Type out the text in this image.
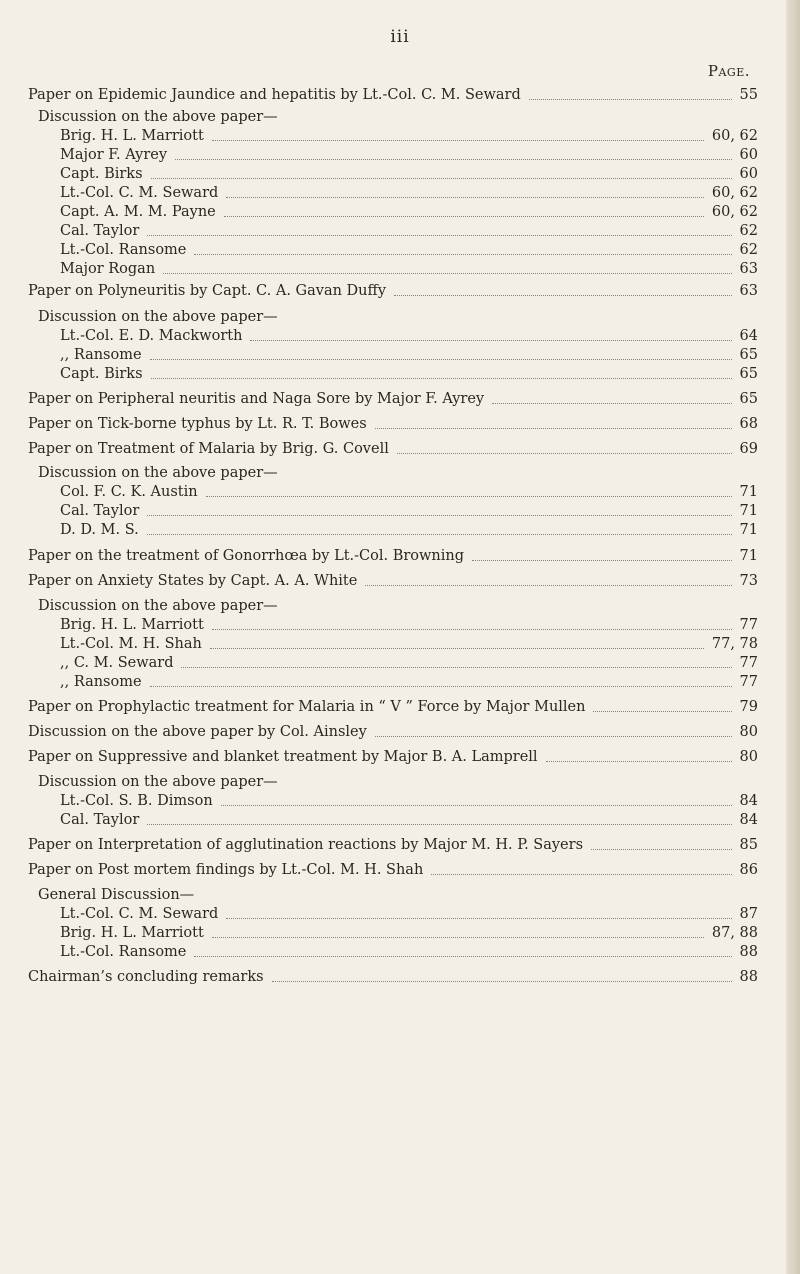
iii
Page.
Paper on Epidemic Jaundice and hepatitis by Lt.-Col. C. M. Seward	55
Discussion on the above paper—
Brig. H. L. Marriott	60, 62
Major F. Ayrey	60
Capt. Birks	60
Lt.-Col. C. M. Seward	60, 62
Capt. A. M. M. Payne	60, 62
Cal. Taylor	62
Lt.-Col. Ransome	62
Major Rogan	63
Paper on Polyneuritis by Capt. C. A. Gavan Duffy	63
Discussion on the above paper—
Lt.-Col. E. D. Mackworth	64
,, Ransome	65
Capt. Birks	65
Paper on Peripheral neuritis and Naga Sore by Major F. Ayrey	65
Paper on Tick-borne typhus by Lt. R. T. Bowes	68
Paper on Treatment of Malaria by Brig. G. Covell	69
Discussion on the above paper—
Col. F. C. K. Austin	71
Cal. Taylor	71
D. D. M. S.	71
Paper on the treatment of Gonorrhœa by Lt.-Col. Browning	71
Paper on Anxiety States by Capt. A. A. White	73
Discussion on the above paper—
Brig. H. L. Marriott	77
Lt.-Col. M. H. Shah	77, 78
,, C. M. Seward	77
,, Ransome	77
Paper on Prophylactic treatment for Malaria in “ V ” Force by Major Mullen	79
Discussion on the above paper by Col. Ainsley	80
Paper on Suppressive and blanket treatment by Major B. A. Lamprell	80
Discussion on the above paper—
Lt.-Col. S. B. Dimson	84
Cal. Taylor	84
Paper on Interpretation of agglutination reactions by Major M. H. P. Sayers	85
Paper on Post mortem findings by Lt.-Col. M. H. Shah	86
General Discussion—
Lt.-Col. C. M. Seward	87
Brig. H. L. Marriott	87, 88
Lt.-Col. Ransome	88
Chairman’s concluding remarks	88
